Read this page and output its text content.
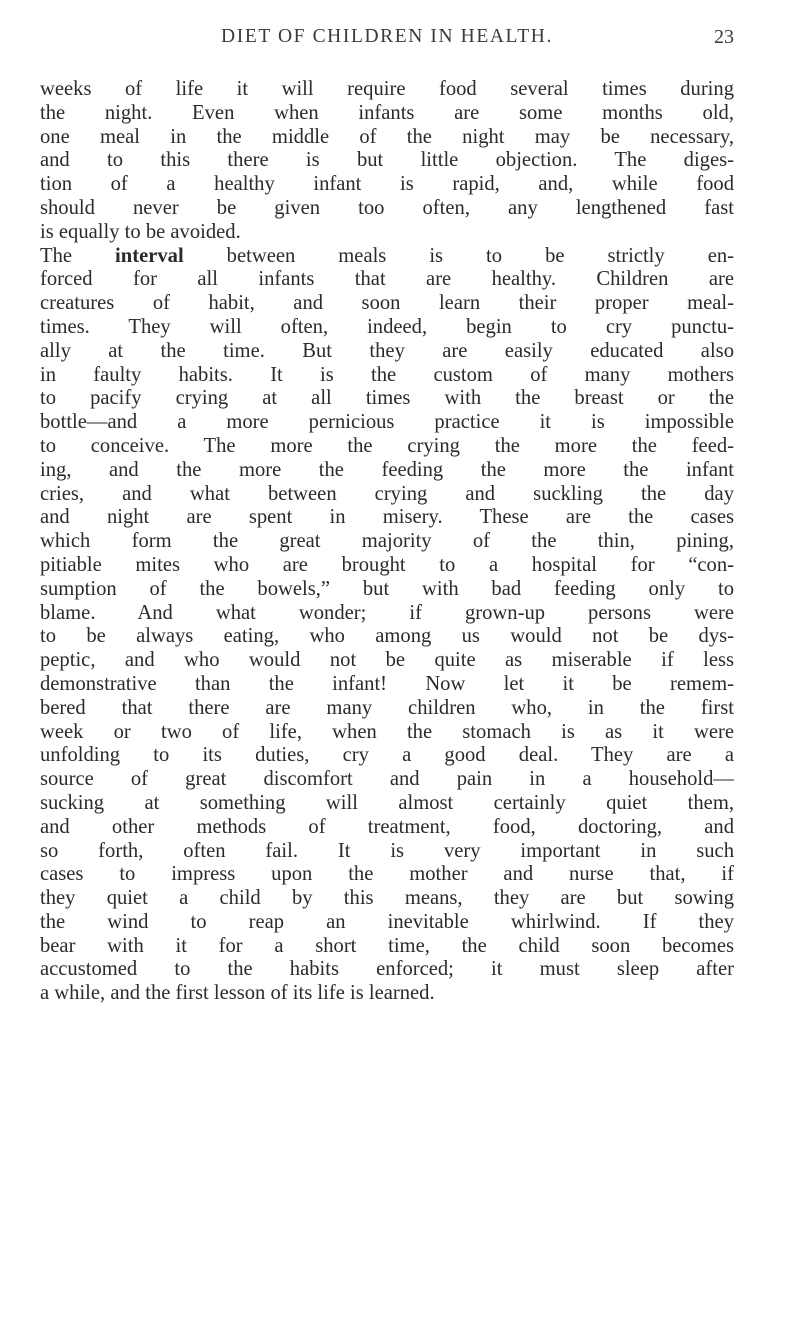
DIET OF CHILDREN IN HEALTH.	23
weeks of life it will require food several times during
the night. Even when infants are some months old,
one meal in the middle of the night may be necessary,
and to this there is but little objection. The diges-
tion of a healthy infant is rapid, and, while food
should never be given too often, any lengthened fast
is equally to be avoided.
The interval between meals is to be strictly en-
forced for all infants that are healthy. Children are
creatures of habit, and soon learn their proper meal-
times. They will often, indeed, begin to cry punctu-
ally at the time. But they are easily educated also
in faulty habits. It is the custom of many mothers
to pacify crying at all times with the breast or the
bottle—and a more pernicious practice it is impossible
to conceive. The more the crying the more the feed-
ing, and the more the feeding the more the infant
cries, and what between crying and suckling the day
and night are spent in misery. These are the cases
which form the great majority of the thin, pining,
pitiable mites who are brought to a hospital for “con-
sumption of the bowels,” but with bad feeding only to
blame. And what wonder; if grown-up persons were
to be always eating, who among us would not be dys-
peptic, and who would not be quite as miserable if less
demonstrative than the infant! Now let it be remem-
bered that there are many children who, in the first
week or two of life, when the stomach is as it were
unfolding to its duties, cry a good deal. They are a
source of great discomfort and pain in a household—
sucking at something will almost certainly quiet them,
and other methods of treatment, food, doctoring, and
so forth, often fail. It is very important in such
cases to impress upon the mother and nurse that, if
they quiet a child by this means, they are but sowing
the wind to reap an inevitable whirlwind. If they
bear with it for a short time, the child soon becomes
accustomed to the habits enforced; it must sleep after
a while, and the first lesson of its life is learned.
